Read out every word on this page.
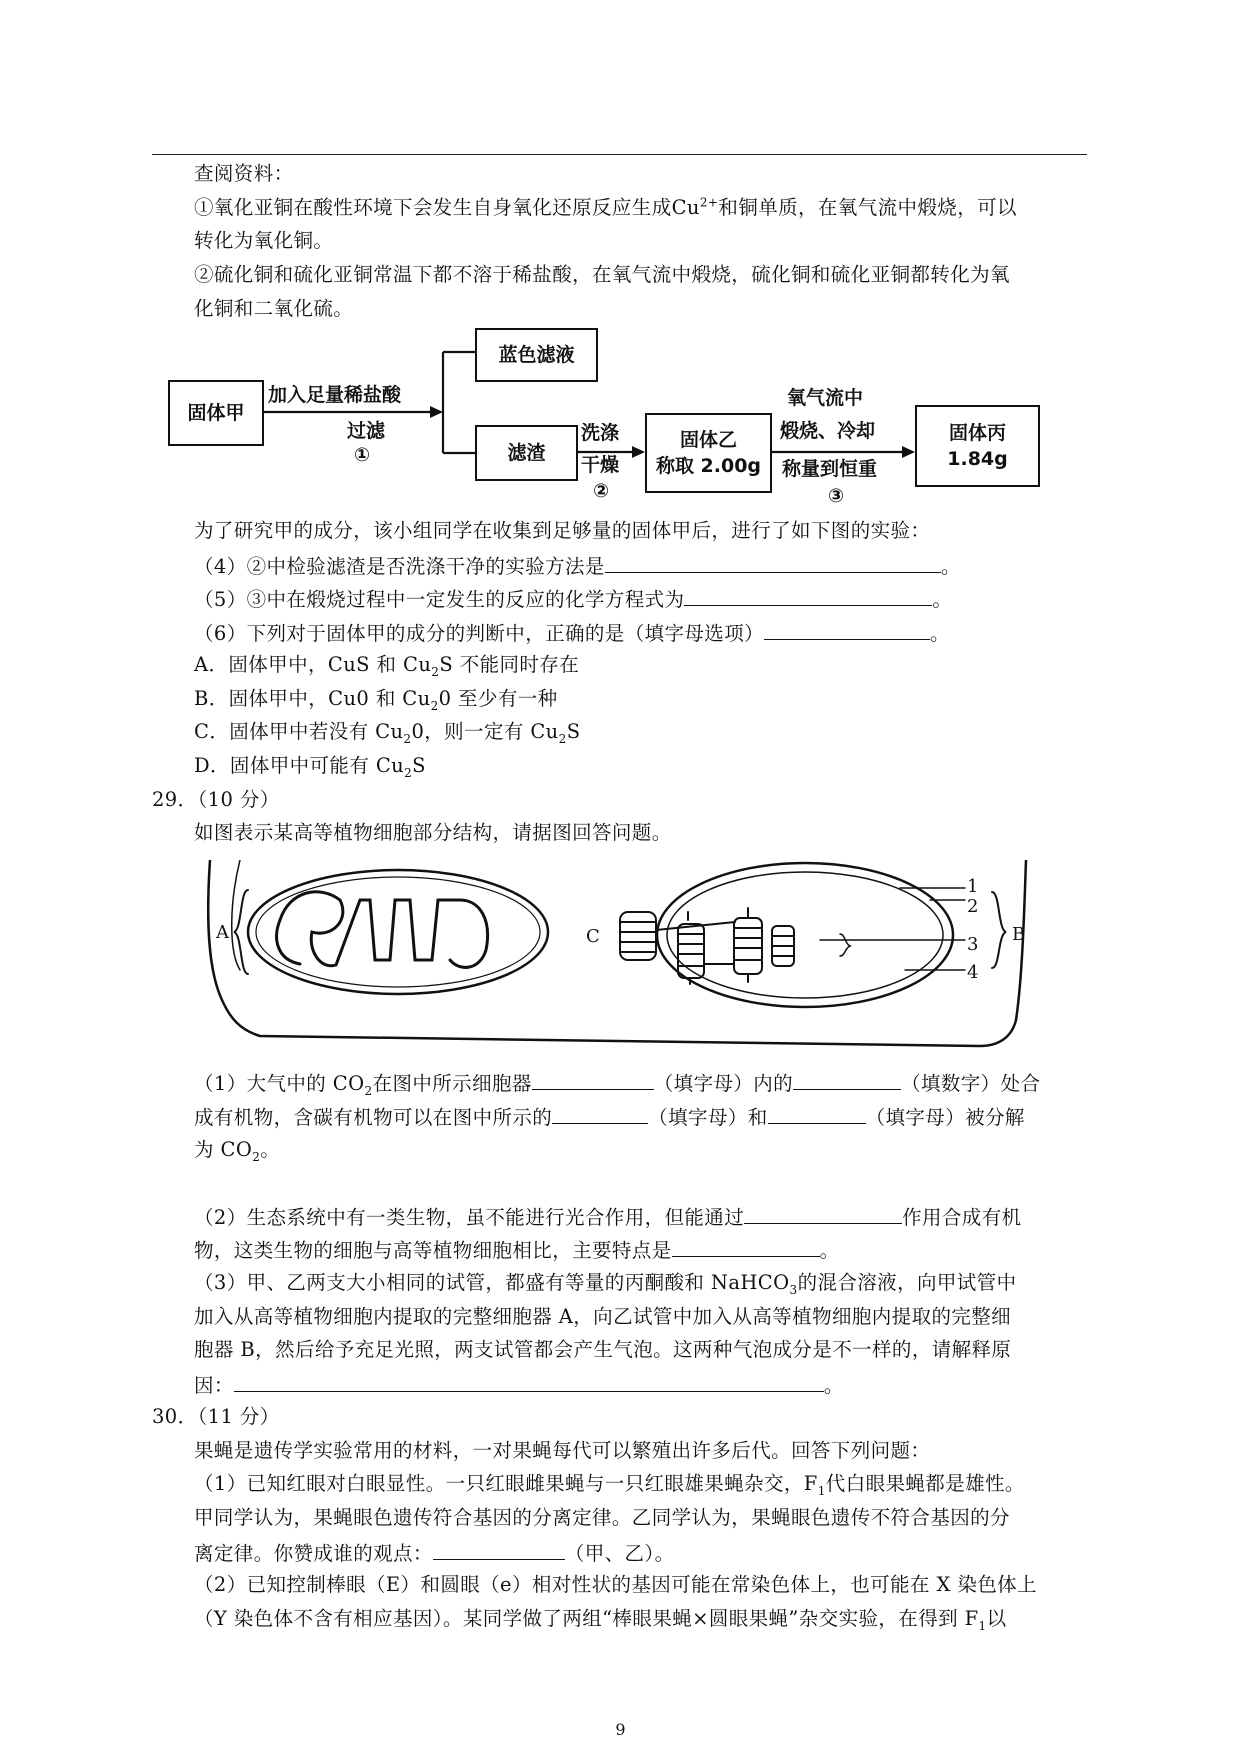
查阅资料：
①氧化亚铜在酸性环境下会发生自身氧化还原反应生成$Cu^{2+}$和铜单质，在氧气流中煅烧，可以
转化为氧化铜。
②硫化铜和硫化亚铜常温下都不溶于稀盐酸，在氧气流中煅烧，硫化铜和硫化亚铜都转化为氧
化铜和二氧化硫。
固体甲
蓝色滤液
滤渣
固体乙
称取 2.00g
固体丙
1.84g
加入足量稀盐酸
过滤
①
洗涤
干燥
②
氧气流中
煅烧、冷却
称量到恒重
③
为了研究甲的成分，该小组同学在收集到足够量的固体甲后，进行了如下图的实验：
（4）②中检验滤渣是否洗涤干净的实验方法是	。
（5）③中在煅烧过程中一定发生的反应的化学方程式为	。
（6）下列对于固体甲的成分的判断中，正确的是（填字母选项）	。
A．固体甲中，CuS 和 $Cu_2S$ 不能同时存在
B．固体甲中，Cu0 和 $Cu_20$ 至少有一种
C．固体甲中若没有 $Cu_20$，则一定有 $Cu_2S$
D．固体甲中可能有 $Cu_2S$
29．（10 分）
如图表示某高等植物细胞部分结构，请据图回答问题。
A	C
1
2
3
4
B
（1）大气中的 $CO_2$在图中所示细胞器	（填字母）内的	（填数字）处合
成有机物，含碳有机物可以在图中所示的	（填字母）和	（填字母）被分解
为 $CO_2$。
（2）生态系统中有一类生物，虽不能进行光合作用，但能通过	作用合成有机
物，这类生物的细胞与高等植物细胞相比，主要特点是	。
（3）甲、乙两支大小相同的试管，都盛有等量的丙酮酸和 NaHCO$_3$的混合溶液，向甲试管中
加入从高等植物细胞内提取的完整细胞器 A，向乙试管中加入从高等植物细胞内提取的完整细
胞器 B，然后给予充足光照，两支试管都会产生气泡。这两种气泡成分是不一样的，请解释原
因：	。
30．（11 分）
果蝇是遗传学实验常用的材料，一对果蝇每代可以繁殖出许多后代。回答下列问题：
（1）已知红眼对白眼显性。一只红眼雌果蝇与一只红眼雄果蝇杂交，$F_1$代白眼果蝇都是雄性。
甲同学认为，果蝇眼色遗传符合基因的分离定律。乙同学认为，果蝇眼色遗传不符合基因的分
离定律。你赞成谁的观点：	（甲、乙）。
（2）已知控制棒眼（E）和圆眼（e）相对性状的基因可能在常染色体上，也可能在 X 染色体上
（Y 染色体不含有相应基因）。某同学做了两组“棒眼果蝇×圆眼果蝇”杂交实验，在得到 $F_1$以
9
